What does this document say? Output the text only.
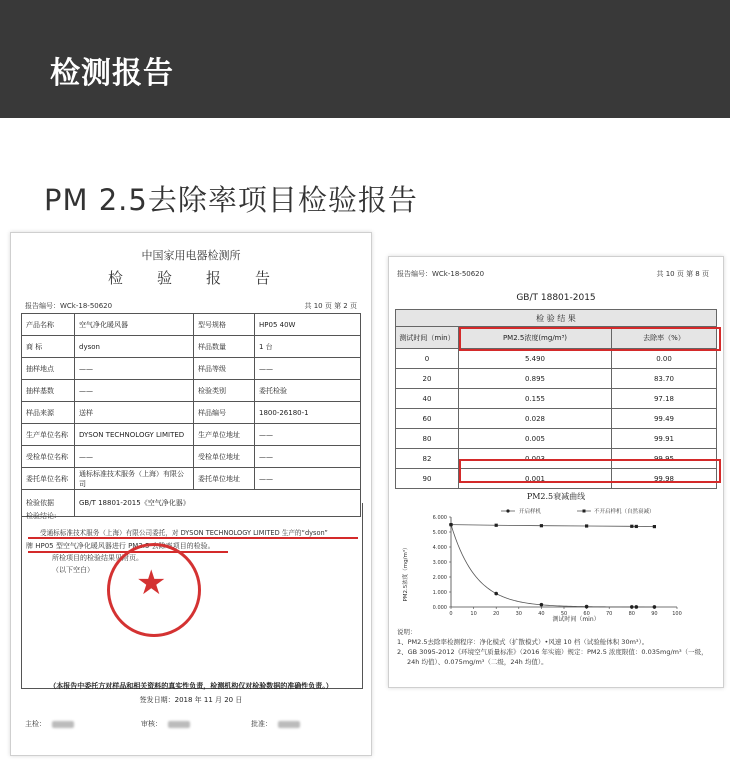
检测报告
PM 2.5去除率项目检验报告
中国家用电器检测所
检验报告
报告编号：WCk-18-50620	共 10 页 第 2 页
产品名称	空气净化暖风器	型号规格	HP05 40W
商 标	dyson	样品数量	1 台
抽样地点	——	样品等级	——
抽样基数	——	检验类别	委托检验
样品来源	送样	样品编号	1800-26180-1
生产单位名称	DYSON TECHNOLOGY LIMITED	生产单位地址	——
受检单位名称	——	受检单位地址	——
委托单位名称	通标标准技术服务（上海）有限公司	委托单位地址	——
检验依据	GB/T 18801-2015《空气净化器》		
检验结论:
受通标标准技术服务（上海）有限公司委托，对 DYSON TECHNOLOGY LIMITED 生产的“dyson”
牌 HP05 型空气净化暖风器进行 PM2.5 去除率项目的检验。
所检项目的检验结果见附页。
（以下空白） ★
（本报告中委托方对样品和相关资料的真实性负责，检测机构仅对检验数据的准确性负责。）
签发日期：2018 年 11 月 20 日
主检：	审核：	批准：
报告编号：WCk-18-50620	共 10 页 第 8 页
GB/T 18801-2015
检 验 结 果		
测试时间（min）	PM2.5浓度(mg/m³)	去除率（%）
0	5.490	0.00
20	0.895	83.70
40	0.155	97.18
60	0.028	99.49
80	0.005	99.91
82	0.003	99.95
90	0.001	99.98
PM2.5衰减曲线
0	10	20	30	40	50	60	70	80	90	100
0.000
1.000
2.000
3.000
4.000
5.000
6.000
开启样机	不开启样机（自然衰减）
PM2.5浓度（mg/m³）
测试时间（min）
说明：
1、PM2.5去除率检测程序：净化模式（扩散模式）•风速 10 档（试验舱体积 30m³）。
2、GB 3095-2012《环境空气质量标准》（2016 年实施）规定：PM2.5 浓度限值：0.035mg/m³（一级，
24h 均值）、0.075mg/m³（二级，24h 均值）。
